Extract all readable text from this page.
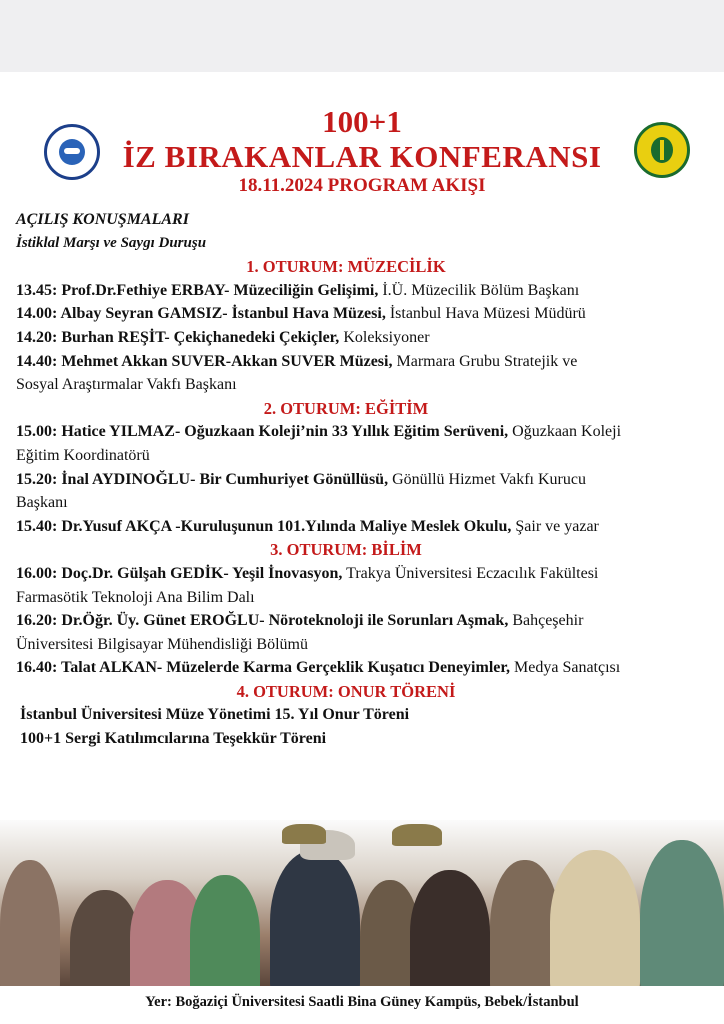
100+1
İZ BIRAKANLAR KONFERANSI
18.11.2024 PROGRAM AKIŞI
AÇILIŞ KONUŞMALARI
İstiklal Marşı ve Saygı Duruşu
1. OTURUM: MÜZECİLİK
13.45: Prof.Dr.Fethiye ERBAY- Müzeciliğin Gelişimi, İ.Ü. Müzecilik Bölüm Başkanı
14.00: Albay Seyran GAMSIZ- İstanbul Hava Müzesi, İstanbul Hava Müzesi Müdürü
14.20: Burhan REŞİT- Çekiçhanedeki Çekiçler, Koleksiyoner
14.40: Mehmet Akkan SUVER-Akkan SUVER Müzesi, Marmara Grubu Stratejik ve
Sosyal Araştırmalar Vakfı Başkanı
2. OTURUM: EĞİTİM
15.00: Hatice YILMAZ- Oğuzkaan Koleji’nin 33 Yıllık Eğitim Serüveni, Oğuzkaan Koleji
Eğitim Koordinatörü
15.20: İnal AYDINOĞLU- Bir Cumhuriyet Gönüllüsü, Gönüllü Hizmet Vakfı Kurucu
Başkanı
15.40: Dr.Yusuf AKÇA -Kuruluşunun 101.Yılında Maliye Meslek Okulu, Şair ve yazar
3. OTURUM: BİLİM
16.00: Doç.Dr. Gülşah GEDİK- Yeşil İnovasyon, Trakya Üniversitesi Eczacılık Fakültesi
Farmasötik Teknoloji Ana Bilim Dalı
16.20: Dr.Öğr. Üy. Günet EROĞLU- Nöroteknoloji ile Sorunları Aşmak, Bahçeşehir
Üniversitesi Bilgisayar Mühendisliği Bölümü
16.40: Talat ALKAN- Müzelerde Karma Gerçeklik Kuşatıcı Deneyimler, Medya Sanatçısı
4. OTURUM: ONUR TÖRENİ
İstanbul Üniversitesi Müze Yönetimi 15. Yıl Onur Töreni
100+1 Sergi Katılımcılarına Teşekkür Töreni
Yer: Boğaziçi Üniversitesi Saatli Bina Güney Kampüs, Bebek/İstanbul
